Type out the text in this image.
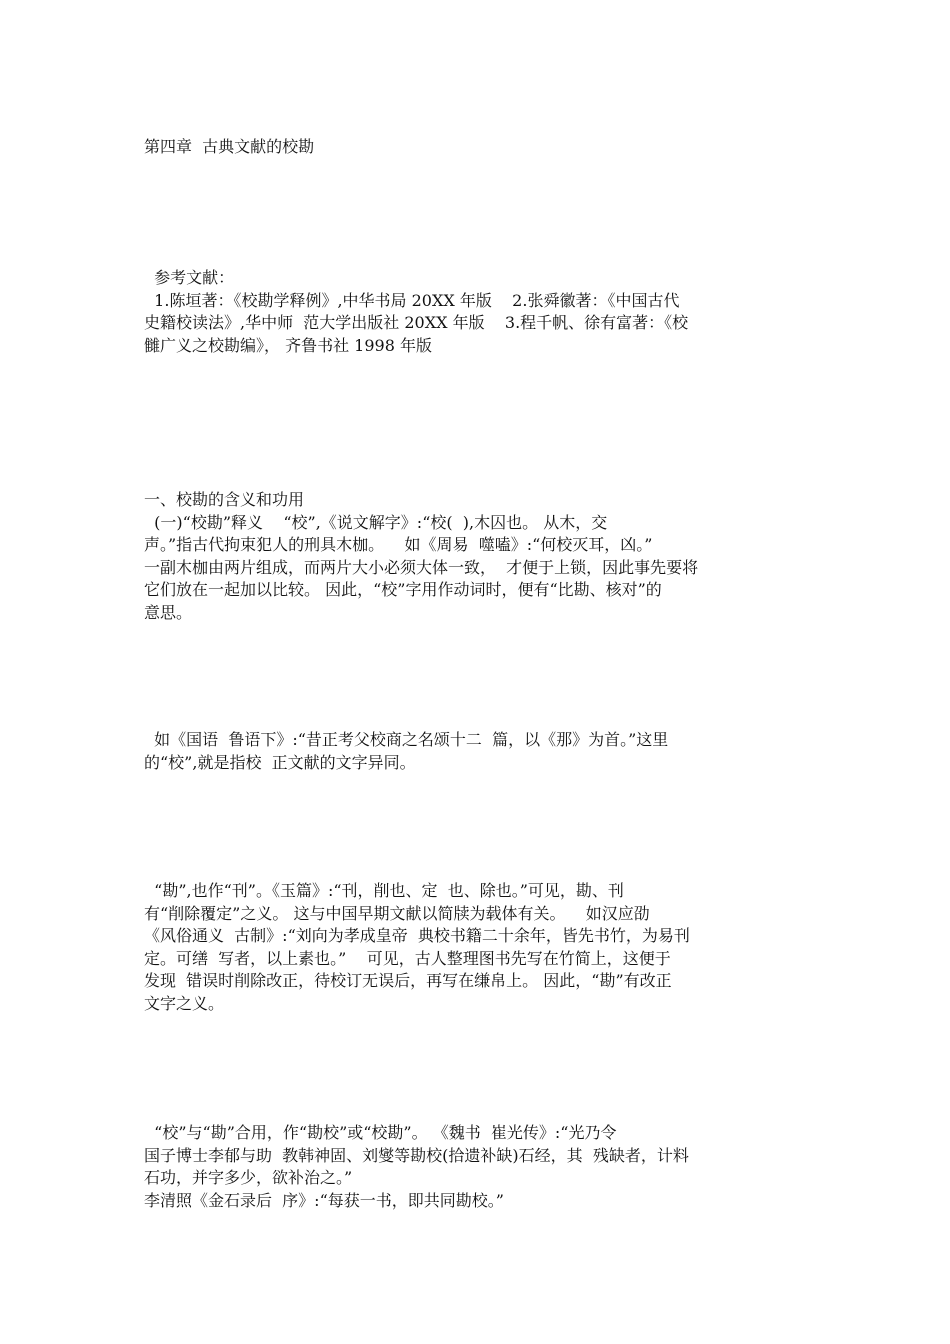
第四章  古典文献的校勘
参考文献：
1.陈垣著：《校勘学释例》,中华书局 20XX 年版    2.张舜徽著：《中国古代
史籍校读法》,华中师  范大学出版社 20XX 年版    3.程千帆、徐有富著：《校
雠广义之校勘编》， 齐鲁书社 1998 年版
一、校勘的含义和功用
(一)“校勘”释义    “校”,《说文解字》:“校(  ),木囚也。 从木，交
声。”指古代拘束犯人的刑具木枷。    如《周易  噬嗑》:“何校灭耳，凶。”
一副木枷由两片组成，而两片大小必须大体一致，  才便于上锁，因此事先要将
它们放在一起加以比较。 因此，“校”字用作动词时，便有“比勘、核对”的
意思。
如《国语  鲁语下》:“昔正考父校商之名颂十二  篇，以《那》为首。”这里
的“校”,就是指校  正文献的文字异同。
“勘”,也作“刊”。《玉篇》:“刊，削也、定  也、除也。”可见，勘、刊
有“削除覆定”之义。 这与中国早期文献以简牍为载体有关。    如汉应劭
《风俗通义  古制》:“刘向为孝成皇帝  典校书籍二十余年，皆先书竹，为易刊
定。可缮  写者，以上素也。”    可见，古人整理图书先写在竹简上，这便于
发现  错误时削除改正，待校订无误后，再写在缣帛上。 因此，“勘”有改正
文字之义。
“校”与“勘”合用，作“勘校”或“校勘”。 《魏书  崔光传》:“光乃令
国子博士李郁与助  教韩神固、刘燮等勘校(拾遗补缺)石经，其  残缺者，计料
石功，并字多少，欲补治之。”
李清照《金石录后  序》:“每获一书，即共同勘校。”
